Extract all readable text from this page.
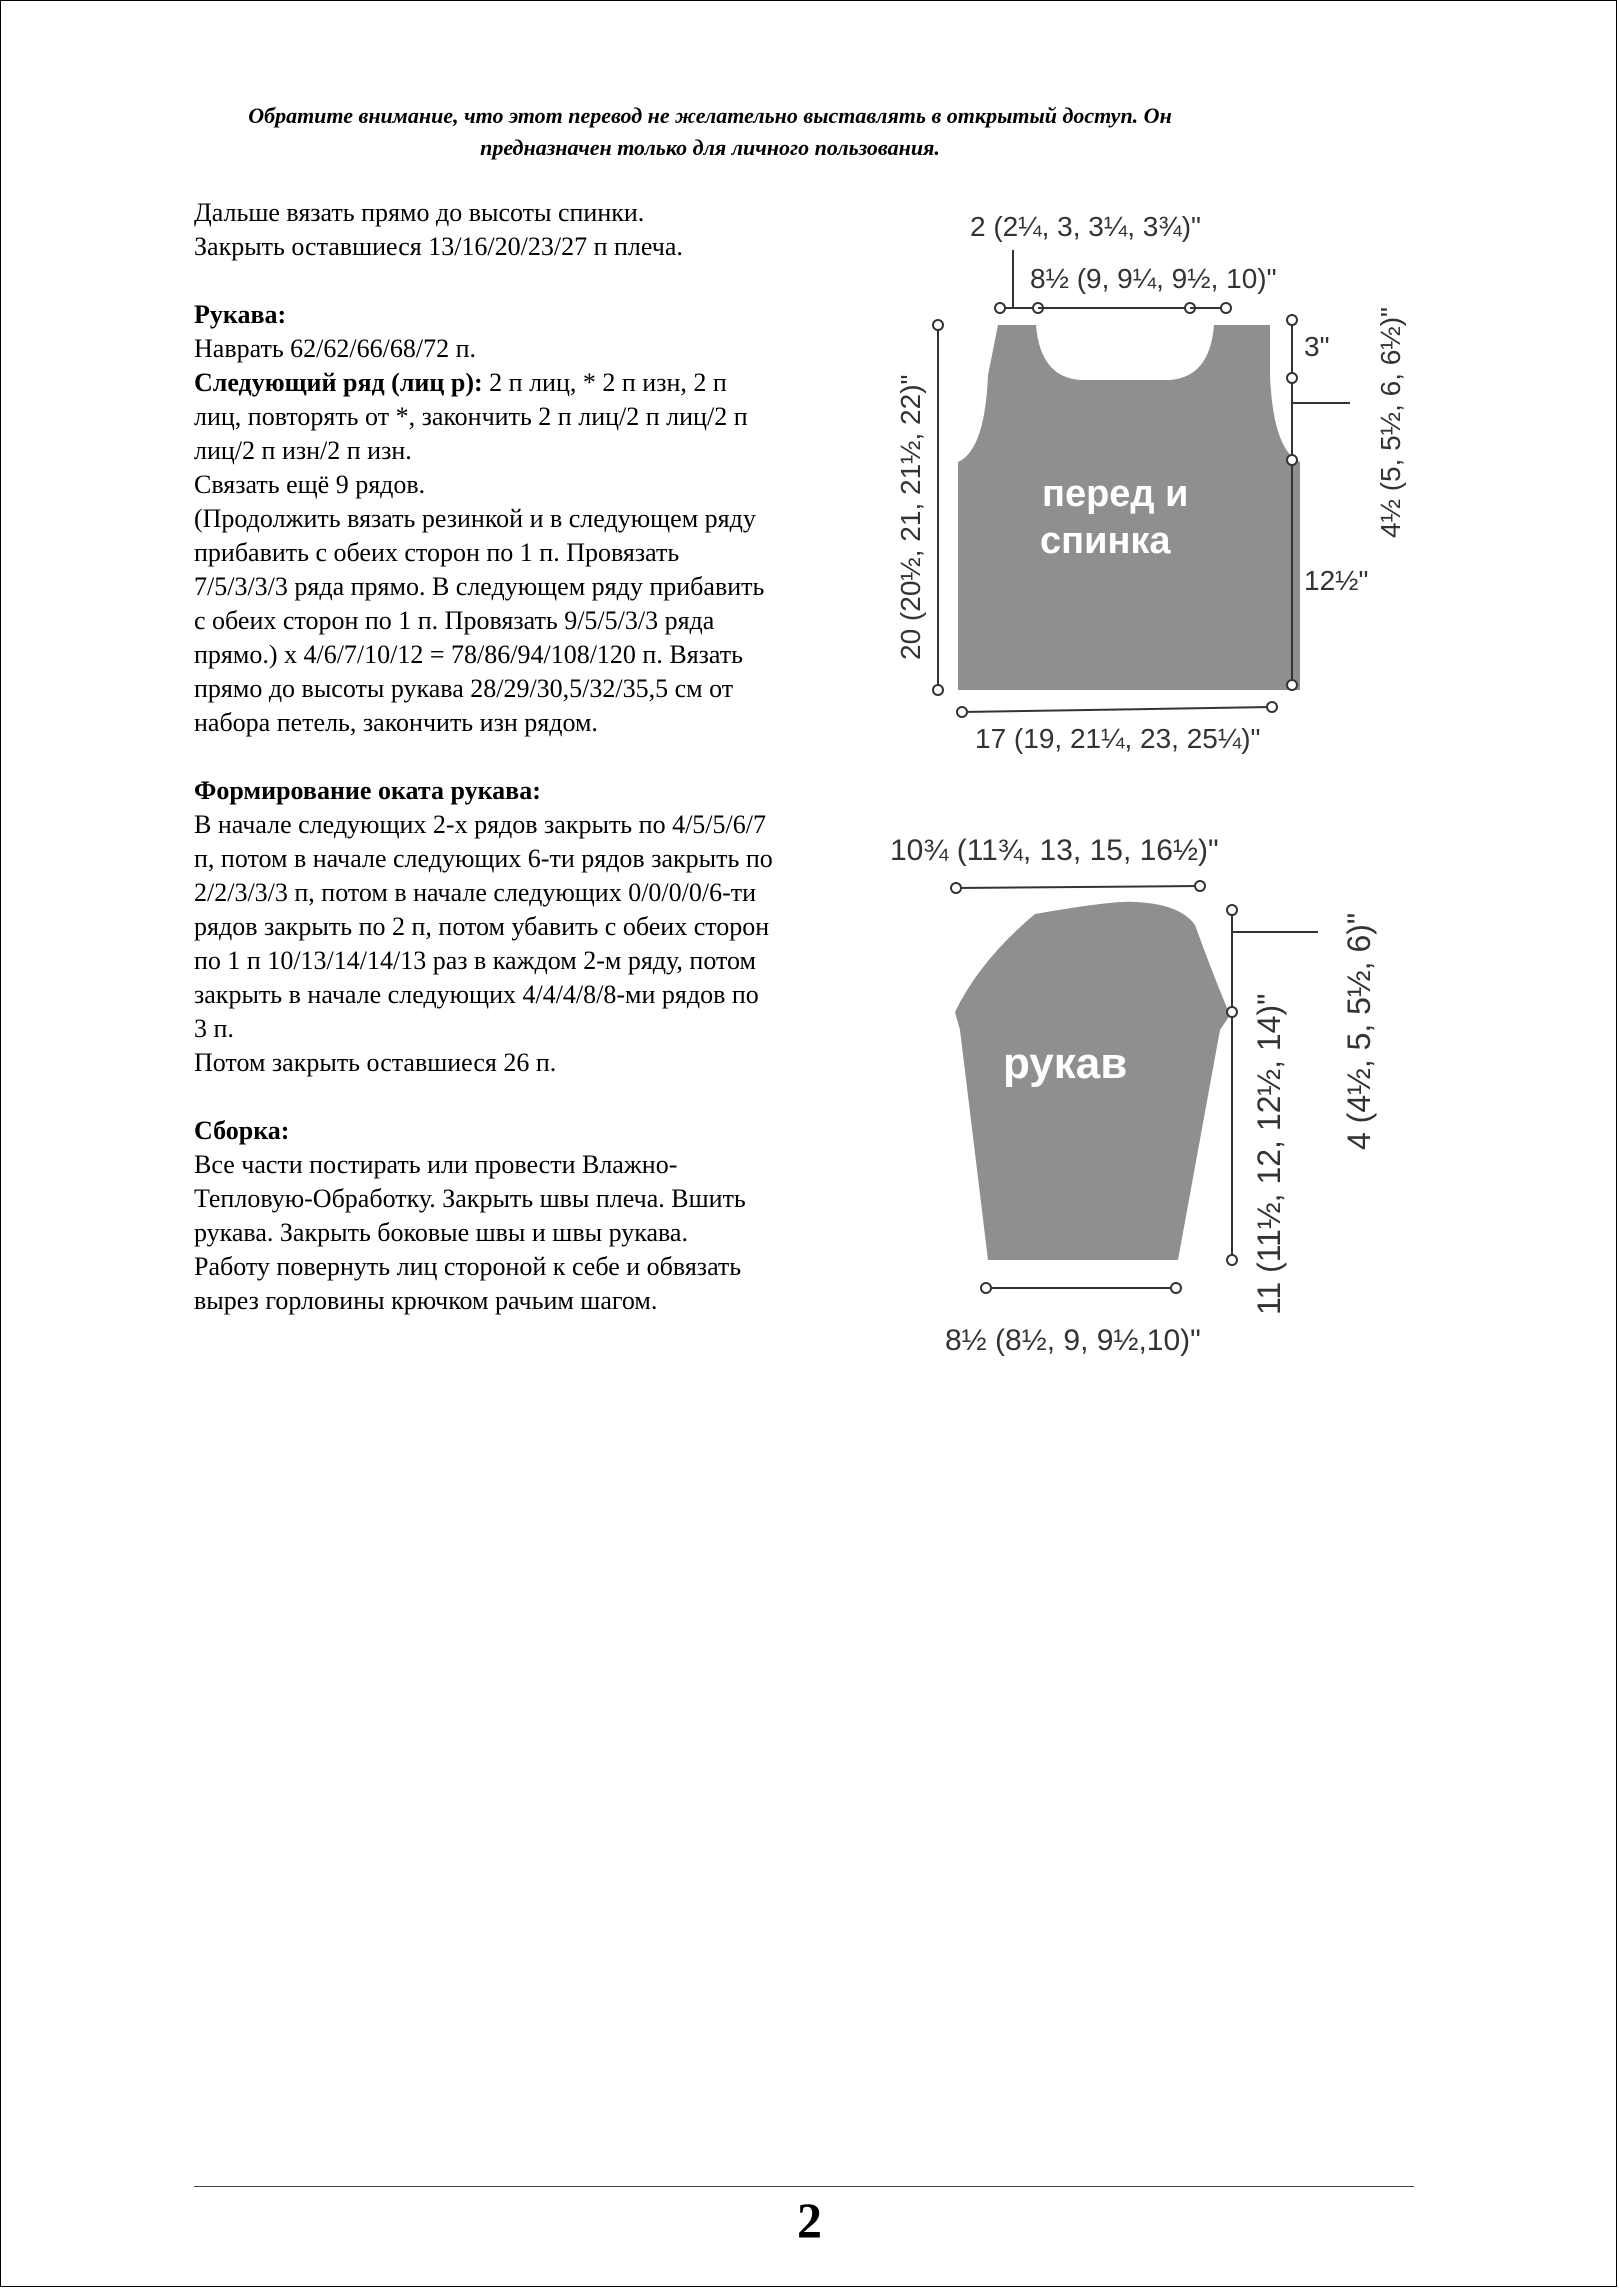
Обратите внимание, что этот перевод не желательно выставлять в открытый доступ. Он предназначен только для личного пользования.

Дальше вязать прямо до высоты спинки.

Закрыть оставшиеся 13/16/20/23/27 п плеча.

Рукава:

Наврать 62/62/66/68/72 п.

Следующий ряд (лиц р): 2 п лиц, * 2 п изн, 2 п лиц, повторять от *, закончить 2 п лиц/2 п лиц/2 п лиц/2 п изн/2 п изн.

Связать ещё 9 рядов.

(Продолжить вязать резинкой и в следующем ряду прибавить с обеих сторон по 1 п. Провязать 7/5/3/3/3 ряда прямо. В следующем ряду прибавить с обеих сторон по 1 п. Провязать 9/5/5/3/3 ряда прямо.) х 4/6/7/10/12 = 78/86/94/108/120 п. Вязать прямо до высоты рукава 28/29/30,5/32/35,5 см от набора петель, закончить изн рядом.

Формирование оката рукава:

В начале следующих 2-х рядов закрыть по 4/5/5/6/7 п, потом в начале следующих 6-ти рядов закрыть по 2/2/3/3/3 п, потом в начале следующих 0/0/0/0/6-ти рядов закрыть по 2 п, потом убавить с обеих сторон по 1 п 10/13/14/14/13 раз в каждом 2-м ряду, потом закрыть в начале следующих 4/4/4/8/8-ми рядов по 3 п.

Потом закрыть оставшиеся 26 п.

Сборка:

Все части постирать или провести Влажно-Тепловую-Обработку. Закрыть швы плеча. Вшить рукава. Закрыть боковые швы и швы рукава.

Работу повернуть лиц стороной к себе и обвязать вырез горловины крючком рачьим шагом.

2 (2¼, 3, 3¼, 3¾)"
8½ (9, 9¼, 9½, 10)"
20 (20½, 21, 21½, 22)"
3" 4½ (5, 5½, 6, 6½)"
12½"
17 (19, 21¼, 23, 25¼)"
перед и
спинка
10¾ (11¾, 13, 15, 16½)"
11 (11½, 12, 12½, 14)" 4 (4½, 5, 5½, 6)"
8½ (8½, 9, 9½,10)"
рукав
2
